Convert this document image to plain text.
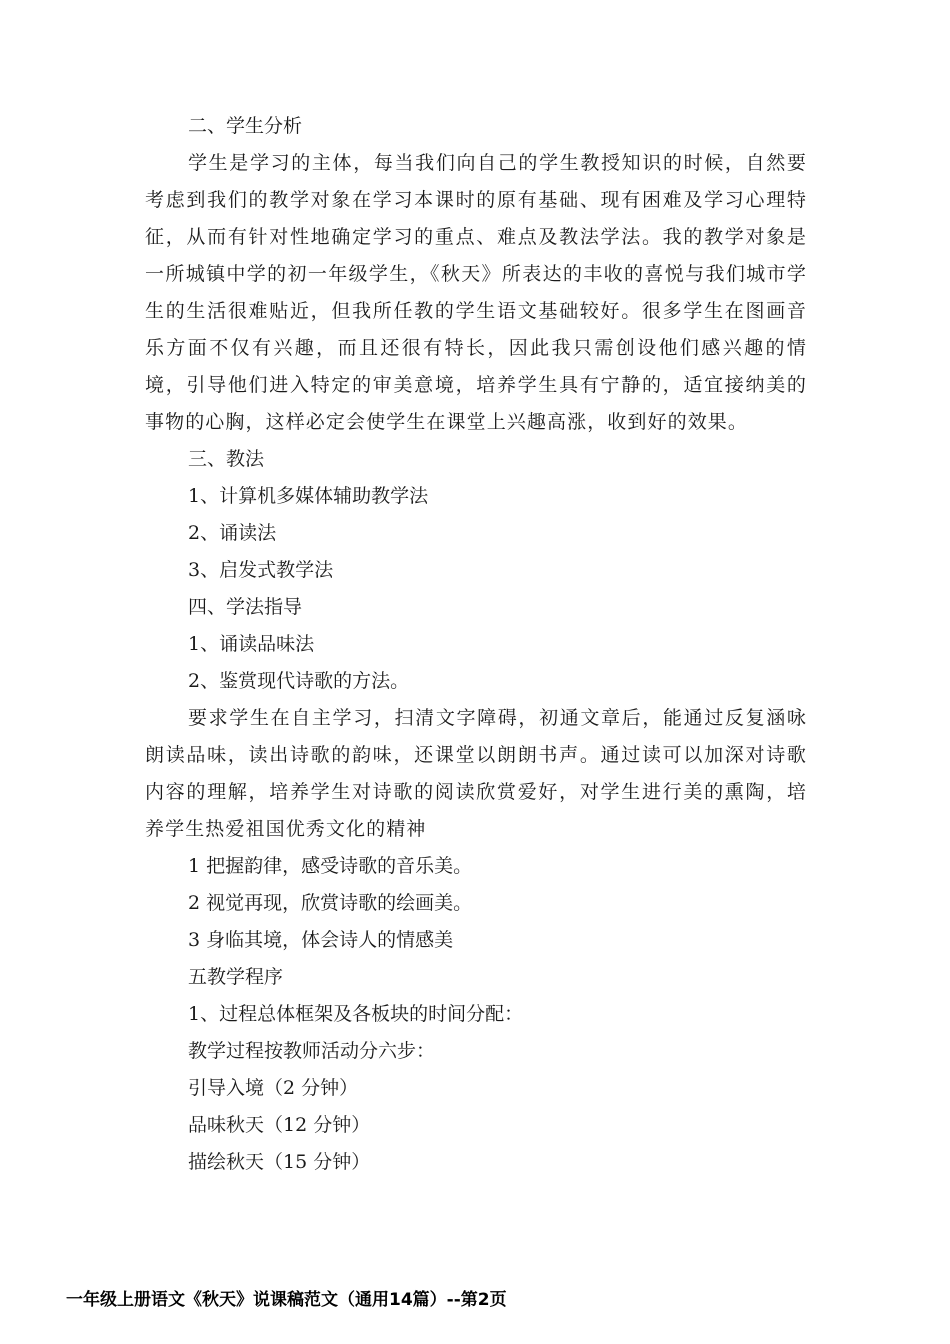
二、学生分析

学生是学习的主体，每当我们向自己的学生教授知识的时候，自然要考虑到我们的教学对象在学习本课时的原有基础、现有困难及学习心理特征，从而有针对性地确定学习的重点、难点及教法学法。我的教学对象是一所城镇中学的初一年级学生，《秋天》所表达的丰收的喜悦与我们城市学生的生活很难贴近，但我所任教的学生语文基础较好。很多学生在图画音乐方面不仅有兴趣，而且还很有特长，因此我只需创设他们感兴趣的情境，引导他们进入特定的审美意境，培养学生具有宁静的，适宜接纳美的事物的心胸，这样必定会使学生在课堂上兴趣高涨，收到好的效果。

三、教法
1、计算机多媒体辅助教学法
2、诵读法
3、启发式教学法
四、学法指导
1、诵读品味法
2、鉴赏现代诗歌的方法。

要求学生在自主学习，扫清文字障碍，初通文章后，能通过反复涵咏朗读品味，读出诗歌的韵味，还课堂以朗朗书声。通过读可以加深对诗歌内容的理解，培养学生对诗歌的阅读欣赏爱好，对学生进行美的熏陶，培养学生热爱祖国优秀文化的精神

1 把握韵律，感受诗歌的音乐美。
2 视觉再现，欣赏诗歌的绘画美。
3 身临其境，体会诗人的情感美
五教学程序
1、过程总体框架及各板块的时间分配：
教学过程按教师活动分六步：
引导入境（2 分钟）
品味秋天（12 分钟）
描绘秋天（15 分钟）
一年级上册语文《秋天》说课稿范文（通用14篇）--第2页
